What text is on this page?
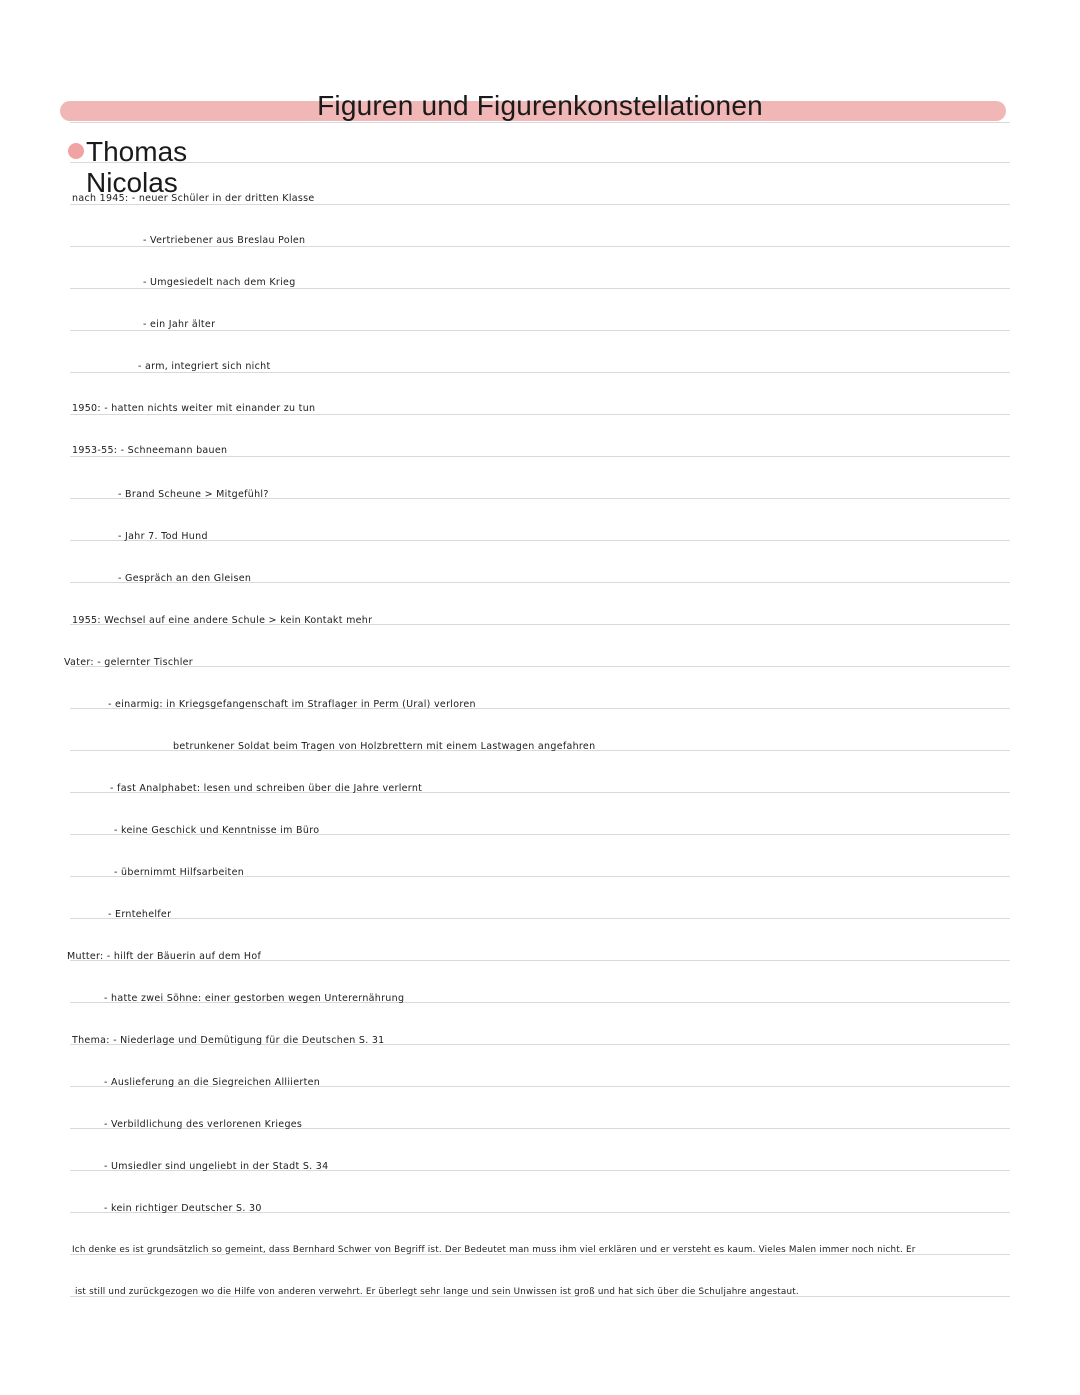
Figuren und Figurenkonstellationen
Thomas
Nicolas
nach 1945: - neuer Schüler in der dritten Klasse
- Vertriebener aus Breslau Polen
- Umgesiedelt nach dem Krieg
- ein Jahr älter
- arm, integriert sich nicht
1950: - hatten nichts weiter mit einander zu tun
1953-55: - Schneemann bauen
- Brand Scheune > Mitgefühl?
- Jahr 7. Tod Hund
- Gespräch an den Gleisen
1955: Wechsel auf eine andere Schule > kein Kontakt mehr
Vater: - gelernter Tischler
- einarmig: in Kriegsgefangenschaft im Straflager in Perm (Ural) verloren
betrunkener Soldat beim Tragen von Holzbrettern mit einem Lastwagen angefahren
- fast Analphabet: lesen und schreiben über die Jahre verlernt
- keine Geschick und Kenntnisse im Büro
- übernimmt Hilfsarbeiten
- Erntehelfer
Mutter: - hilft der Bäuerin auf dem Hof
- hatte zwei Söhne: einer gestorben wegen Unterernährung
Thema: - Niederlage und Demütigung für die Deutschen S. 31
- Auslieferung an die Siegreichen Alliierten
- Verbildlichung des verlorenen Krieges
- Umsiedler sind ungeliebt in der Stadt S. 34
- kein richtiger Deutscher S. 30
Ich denke es ist grundsätzlich so gemeint, dass Bernhard Schwer von Begriff ist. Der Bedeutet man muss ihm viel erklären und er versteht es kaum. Vieles Malen immer noch nicht. Er
ist still und zurückgezogen wo die Hilfe von anderen verwehrt. Er überlegt sehr lange und sein Unwissen ist groß und hat sich über die Schuljahre angestaut.
